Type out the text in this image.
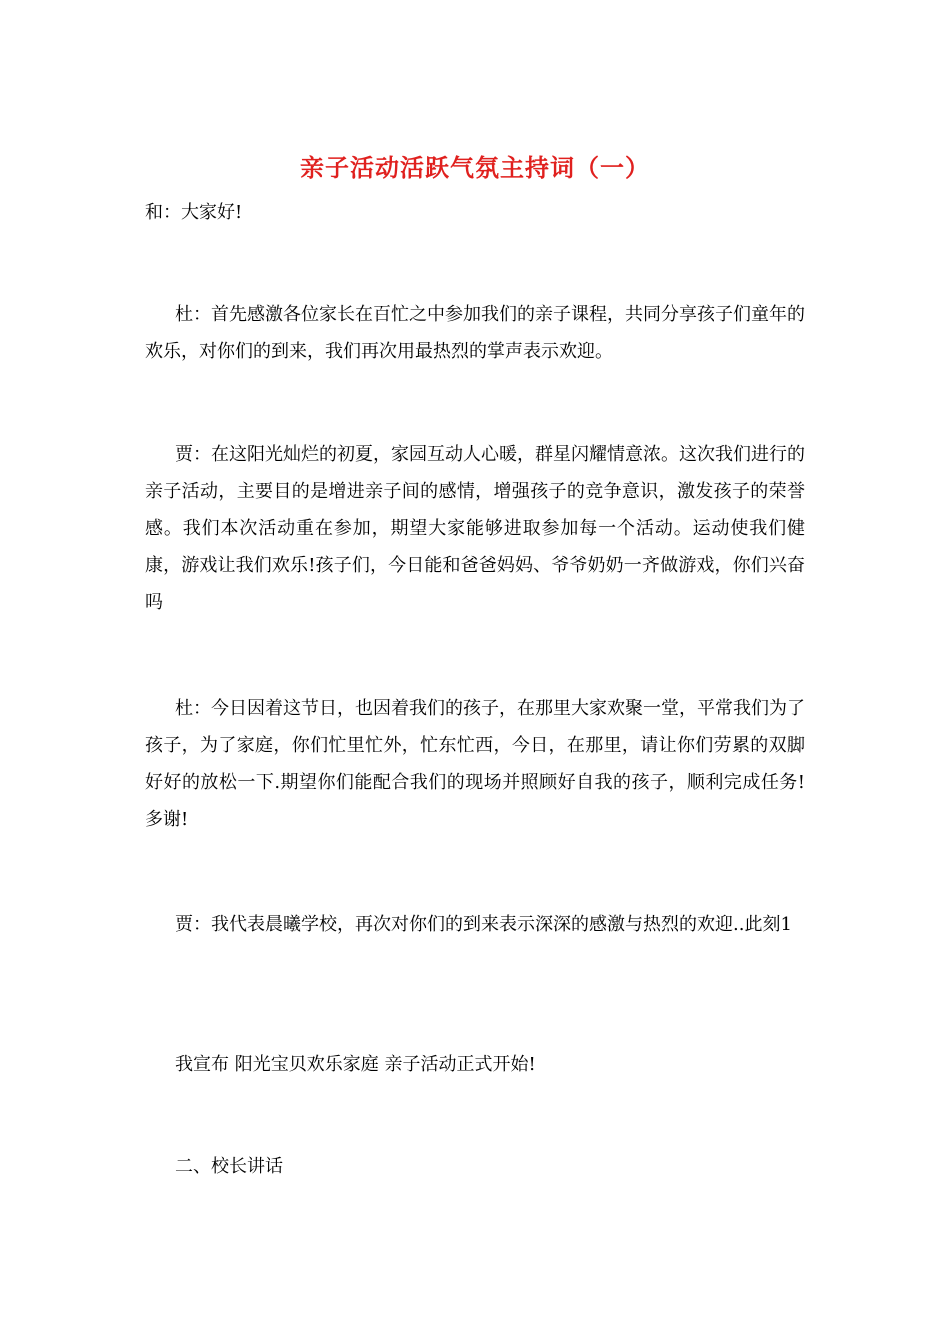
亲子活动活跃气氛主持词（一）
和：大家好!
杜：首先感激各位家长在百忙之中参加我们的亲子课程，共同分享孩子们童年的欢乐，对你们的到来，我们再次用最热烈的掌声表示欢迎。
贾：在这阳光灿烂的初夏，家园互动人心暖，群星闪耀情意浓。这次我们进行的亲子活动，主要目的是增进亲子间的感情，增强孩子的竞争意识，激发孩子的荣誉感。我们本次活动重在参加，期望大家能够进取参加每一个活动。运动使我们健康，游戏让我们欢乐!孩子们，今日能和爸爸妈妈、爷爷奶奶一齐做游戏，你们兴奋吗
杜：今日因着这节日，也因着我们的孩子，在那里大家欢聚一堂，平常我们为了孩子，为了家庭，你们忙里忙外，忙东忙西，今日，在那里，请让你们劳累的双脚好好的放松一下.期望你们能配合我们的现场并照顾好自我的孩子，顺利完成任务!多谢!
贾：我代表晨曦学校，再次对你们的到来表示深深的感激与热烈的欢迎..此刻1
我宣布 阳光宝贝欢乐家庭 亲子活动正式开始!
二、校长讲话
